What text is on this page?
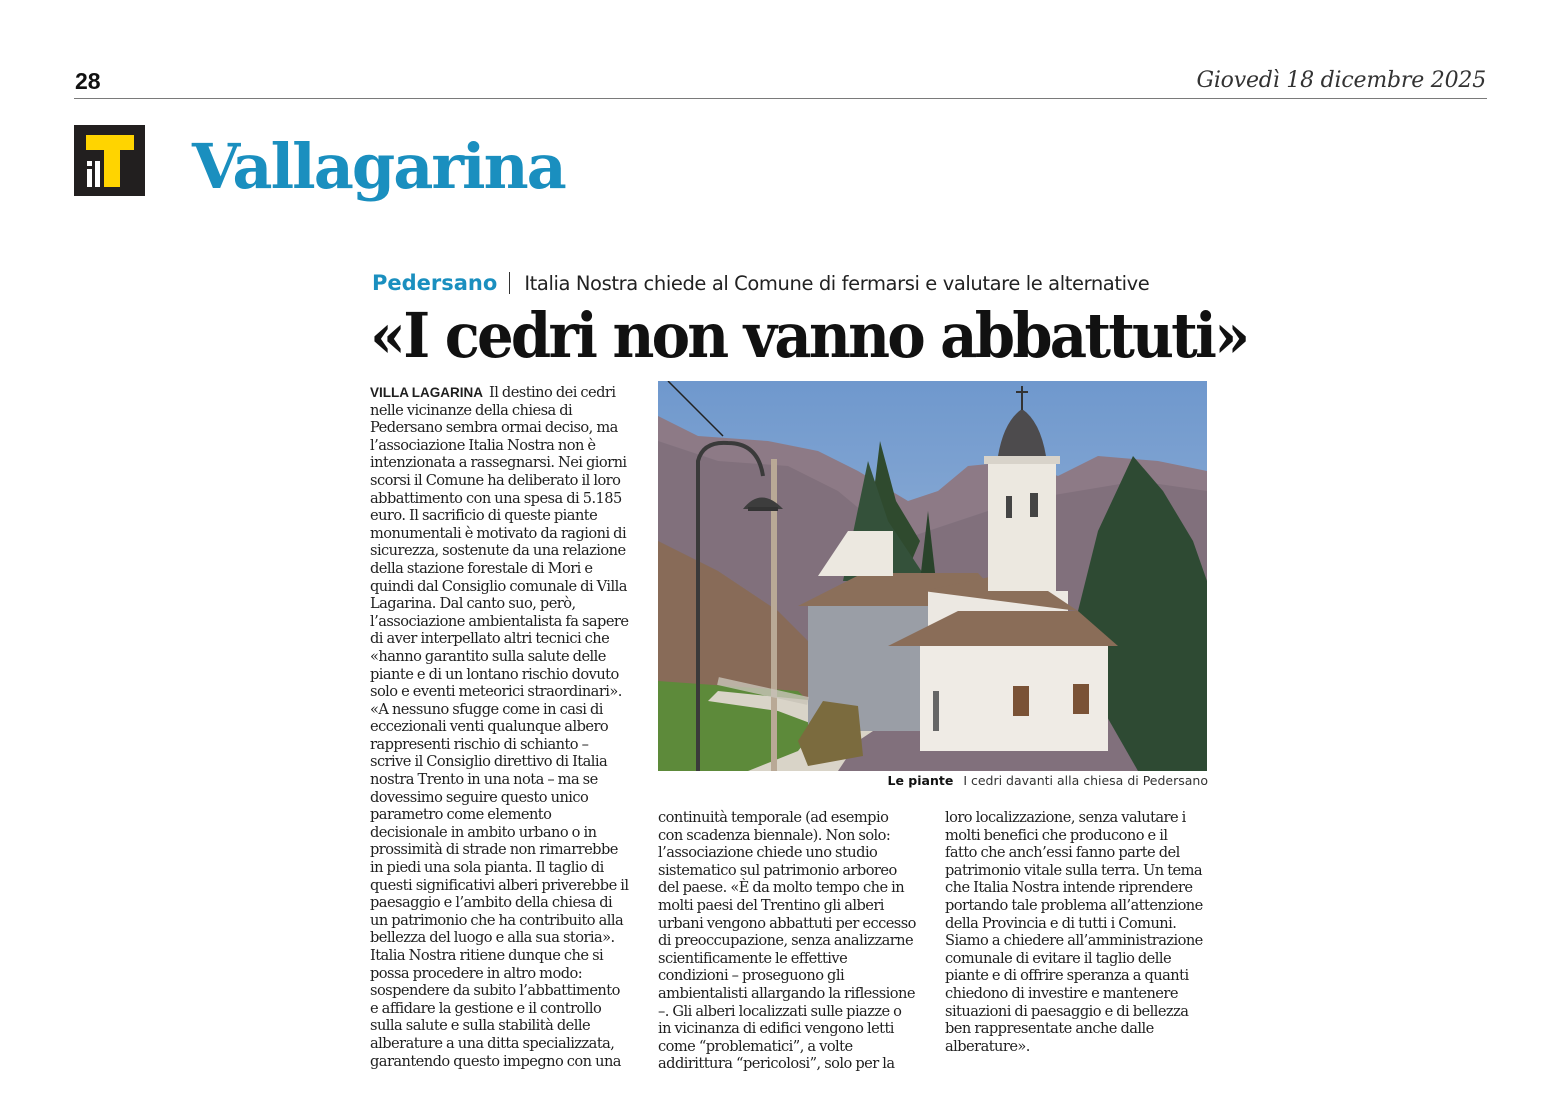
28	Giovedì 18 dicembre 2025
Vallagarina
Pedersano Italia Nostra chiede al Comune di fermarsi e valutare le alternative
«I cedri non vanno abbattuti»
VILLA LAGARINA Il destino dei cedri
nelle vicinanze della chiesa di
Pedersano sembra ormai deciso, ma
l’associazione Italia Nostra non è
intenzionata a rassegnarsi. Nei giorni
scorsi il Comune ha deliberato il loro
abbattimento con una spesa di 5.185
euro. Il sacrificio di queste piante
monumentali è motivato da ragioni di
sicurezza, sostenute da una relazione
della stazione forestale di Mori e
quindi dal Consiglio comunale di Villa
Lagarina. Dal canto suo, però,
l’associazione ambientalista fa sapere
di aver interpellato altri tecnici che
«hanno garantito sulla salute delle
piante e di un lontano rischio dovuto
solo e eventi meteorici straordinari».
«A nessuno sfugge come in casi di
eccezionali venti qualunque albero
rappresenti rischio di schianto –
scrive il Consiglio direttivo di Italia
nostra Trento in una nota – ma se
dovessimo seguire questo unico
parametro come elemento
decisionale in ambito urbano o in
prossimità di strade non rimarrebbe
in piedi una sola pianta. Il taglio di
questi significativi alberi priverebbe il
paesaggio e l’ambito della chiesa di
un patrimonio che ha contribuito alla
bellezza del luogo e alla sua storia».
Italia Nostra ritiene dunque che si
possa procedere in altro modo:
sospendere da subito l’abbattimento
e affidare la gestione e il controllo
sulla salute e sulla stabilità delle
alberature a una ditta specializzata,
garantendo questo impegno con una
Le piante I cedri davanti alla chiesa di Pedersano
continuità temporale (ad esempio
con scadenza biennale). Non solo:
l’associazione chiede uno studio
sistematico sul patrimonio arboreo
del paese. «È da molto tempo che in
molti paesi del Trentino gli alberi
urbani vengono abbattuti per eccesso
di preoccupazione, senza analizzarne
scientificamente le effettive
condizioni – proseguono gli
ambientalisti allargando la riflessione
–. Gli alberi localizzati sulle piazze o
in vicinanza di edifici vengono letti
come “problematici”, a volte
addirittura “pericolosi”, solo per la
loro localizzazione, senza valutare i
molti benefici che producono e il
fatto che anch’essi fanno parte del
patrimonio vitale sulla terra. Un tema
che Italia Nostra intende riprendere
portando tale problema all’attenzione
della Provincia e di tutti i Comuni.
Siamo a chiedere all’amministrazione
comunale di evitare il taglio delle
piante e di offrire speranza a quanti
chiedono di investire e mantenere
situazioni di paesaggio e di bellezza
ben rappresentate anche dalle
alberature».
